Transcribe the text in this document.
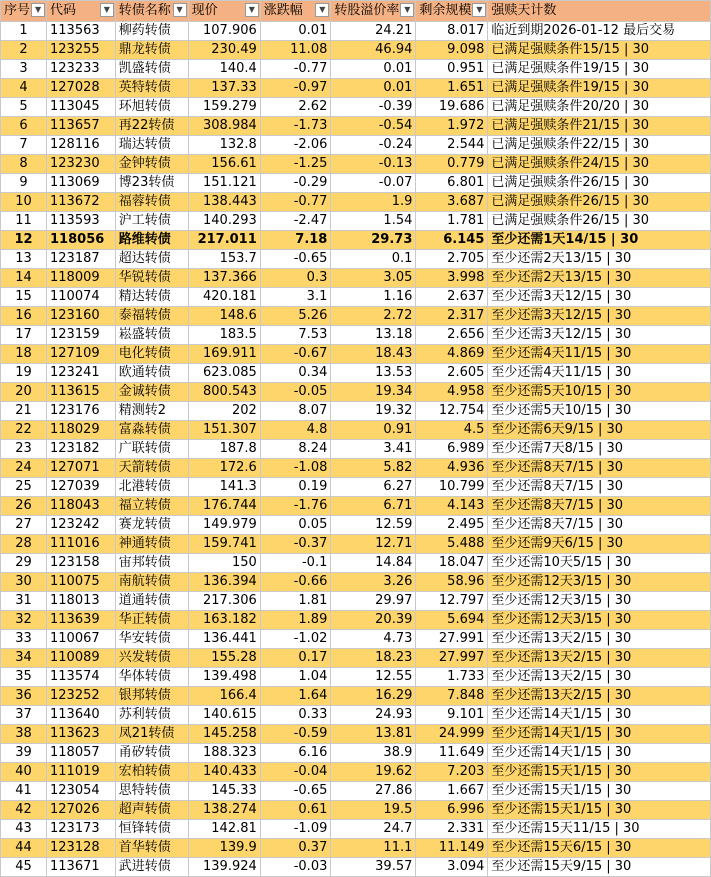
序号 ▼	代码 ▼	转债名称 ▼	现价 ▼	涨跌幅 ▼	转股溢价率 ▼	剩余规模 ▼	强赎天计数
1	113563	柳药转债	107.906	0.01	24.21	8.017	临近到期2026-01-12 最后交易
2	123255	鼎龙转债	230.49	11.08	46.94	9.098	已满足强赎条件15/15 | 30
3	123233	凯盛转债	140.4	-0.77	0.01	0.951	已满足强赎条件19/15 | 30
4	127028	英特转债	137.33	-0.97	0.01	1.651	已满足强赎条件19/15 | 30
5	113045	环旭转债	159.279	2.62	-0.39	19.686	已满足强赎条件20/20 | 30
6	113657	再22转债	308.984	-1.73	-0.54	1.972	已满足强赎条件21/15 | 30
7	128116	瑞达转债	132.8	-2.06	-0.24	2.544	已满足强赎条件22/15 | 30
8	123230	金钟转债	156.61	-1.25	-0.13	0.779	已满足强赎条件24/15 | 30
9	113069	博23转债	151.121	-0.29	-0.07	6.801	已满足强赎条件26/15 | 30
10	113672	福蓉转债	138.443	-0.77	1.9	3.687	已满足强赎条件26/15 | 30
11	113593	沪工转债	140.293	-2.47	1.54	1.781	已满足强赎条件26/15 | 30
12	118056	路维转债	217.011	7.18	29.73	6.145	至少还需1天14/15 | 30
13	123187	超达转债	153.7	-0.65	0.1	2.705	至少还需2天13/15 | 30
14	118009	华锐转债	137.366	0.3	3.05	3.998	至少还需2天13/15 | 30
15	110074	精达转债	420.181	3.1	1.16	2.637	至少还需3天12/15 | 30
16	123160	泰福转债	148.6	5.26	2.72	2.317	至少还需3天12/15 | 30
17	123159	崧盛转债	183.5	7.53	13.18	2.656	至少还需3天12/15 | 30
18	127109	电化转债	169.911	-0.67	18.43	4.869	至少还需4天11/15 | 30
19	123241	欧通转债	623.085	0.34	13.53	2.605	至少还需4天11/15 | 30
20	113615	金诚转债	800.543	-0.05	19.34	4.958	至少还需5天10/15 | 30
21	123176	精测转2	202	8.07	19.32	12.754	至少还需5天10/15 | 30
22	118029	富淼转债	151.307	4.8	0.91	4.5	至少还需6天9/15 | 30
23	123182	广联转债	187.8	8.24	3.41	6.989	至少还需7天8/15 | 30
24	127071	天箭转债	172.6	-1.08	5.82	4.936	至少还需8天7/15 | 30
25	127039	北港转债	141.3	0.19	6.27	10.799	至少还需8天7/15 | 30
26	118043	福立转债	176.744	-1.76	6.71	4.143	至少还需8天7/15 | 30
27	123242	赛龙转债	149.979	0.05	12.59	2.495	至少还需8天7/15 | 30
28	111016	神通转债	159.741	-0.37	12.71	5.488	至少还需9天6/15 | 30
29	123158	宙邦转债	150	-0.1	14.84	18.047	至少还需10天5/15 | 30
30	110075	南航转债	136.394	-0.66	3.26	58.96	至少还需12天3/15 | 30
31	118013	道通转债	217.306	1.81	29.97	12.797	至少还需12天3/15 | 30
32	113639	华正转债	163.182	1.89	20.39	5.694	至少还需12天3/15 | 30
33	110067	华安转债	136.441	-1.02	4.73	27.991	至少还需13天2/15 | 30
34	110089	兴发转债	155.28	0.17	18.23	27.997	至少还需13天2/15 | 30
35	113574	华体转债	139.498	1.04	12.55	1.733	至少还需13天2/15 | 30
36	123252	银邦转债	166.4	1.64	16.29	7.848	至少还需13天2/15 | 30
37	113640	苏利转债	140.615	0.33	24.93	9.101	至少还需14天1/15 | 30
38	113623	凤21转债	145.258	-0.59	13.81	24.999	至少还需14天1/15 | 30
39	118057	甬矽转债	188.323	6.16	38.9	11.649	至少还需14天1/15 | 30
40	111019	宏柏转债	140.433	-0.04	19.62	7.203	至少还需15天1/15 | 30
41	123054	思特转债	145.33	-0.65	27.86	1.667	至少还需15天1/15 | 30
42	127026	超声转债	138.274	0.61	19.5	6.996	至少还需15天1/15 | 30
43	123173	恒锋转债	142.81	-1.09	24.7	2.331	至少还需15天11/15 | 30
44	123128	首华转债	139.9	0.37	11.1	11.149	至少还需15天6/15 | 30
45	113671	武进转债	139.924	-0.03	39.57	3.094	至少还需15天9/15 | 30
